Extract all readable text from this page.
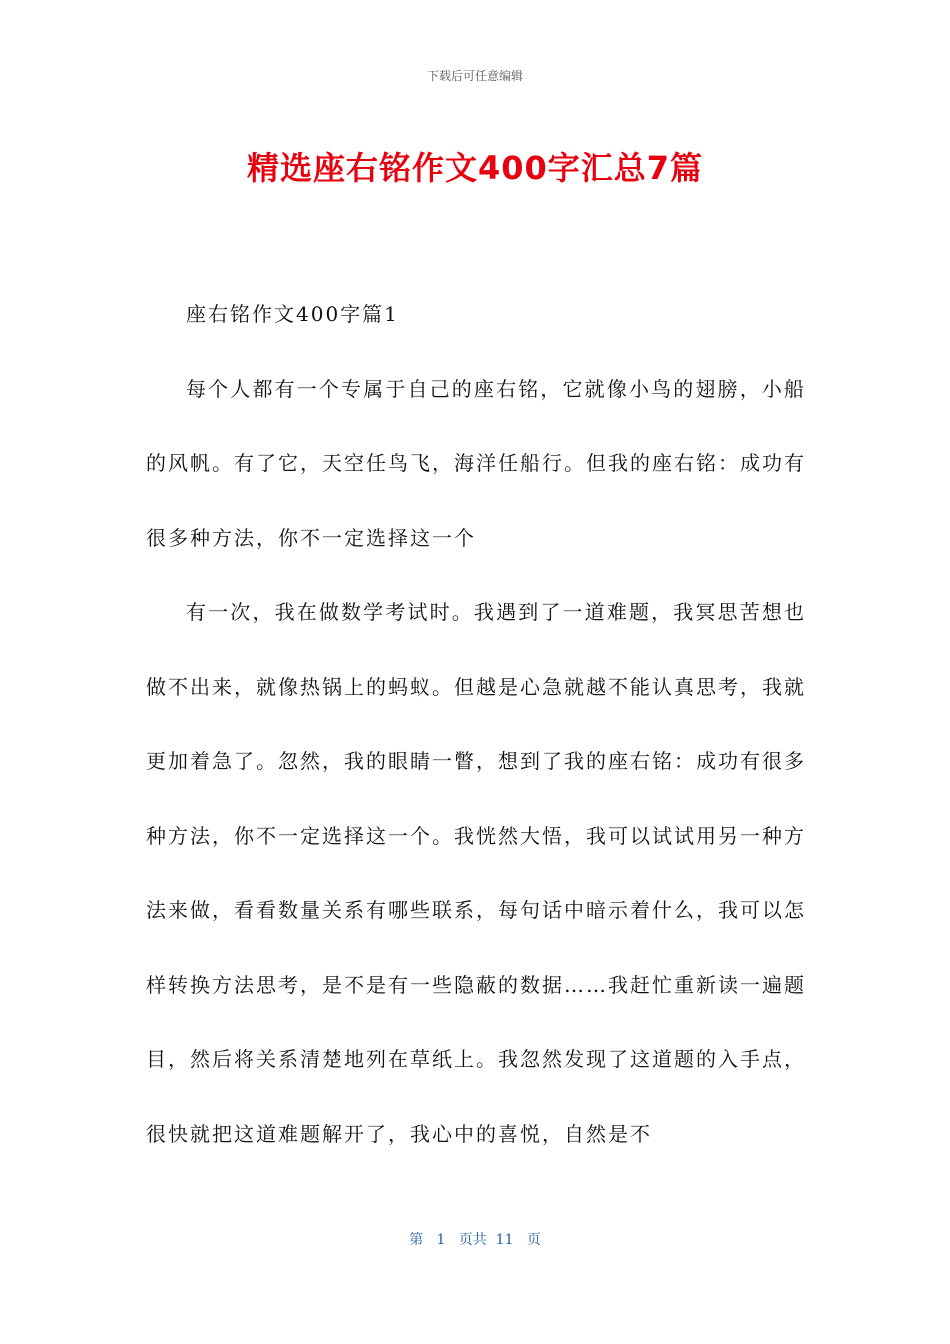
下载后可任意编辑
精选座右铭作文400字汇总7篇

座右铭作文400字篇1

每个人都有一个专属于自己的座右铭，它就像小鸟的翅膀，小船的风帆。有了它，天空任鸟飞，海洋任船行。但我的座右铭：成功有很多种方法，你不一定选择这一个

有一次，我在做数学考试时。我遇到了一道难题，我冥思苦想也做不出来，就像热锅上的蚂蚁。但越是心急就越不能认真思考，我就更加着急了。忽然，我的眼睛一瞥，想到了我的座右铭：成功有很多种方法，你不一定选择这一个。我恍然大悟，我可以试试用另一种方法来做，看看数量关系有哪些联系，每句话中暗示着什么，我可以怎样转换方法思考，是不是有一些隐蔽的数据……我赶忙重新读一遍题目，然后将关系清楚地列在草纸上。我忽然发现了这道题的入手点，很快就把这道难题解开了，我心中的喜悦，自然是不

第 1 页共 11 页
